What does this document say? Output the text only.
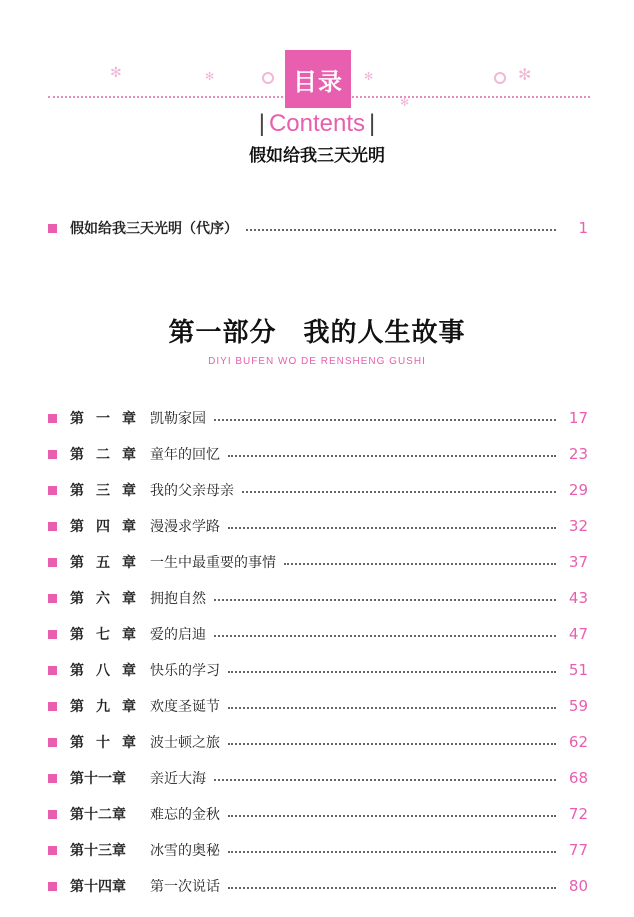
✻	✻	✻	✻
✻
目录
| Contents |
假如给我三天光明
假如给我三天光明（代序）	1
第一部分　我的人生故事
DIYI BUFEN WO DE RENSHENG GUSHI
第 一 章 凯勒家园	17
第 二 章 童年的回忆	23
第 三 章 我的父亲母亲	29
第 四 章 漫漫求学路	32
第 五 章 一生中最重要的事情	37
第 六 章 拥抱自然	43
第 七 章 爱的启迪	47
第 八 章 快乐的学习	51
第 九 章 欢度圣诞节	59
第 十 章 波士顿之旅	62
第十一章	亲近大海	68
第十二章	难忘的金秋	72
第十三章	冰雪的奥秘	77
第十四章	第一次说话	80
